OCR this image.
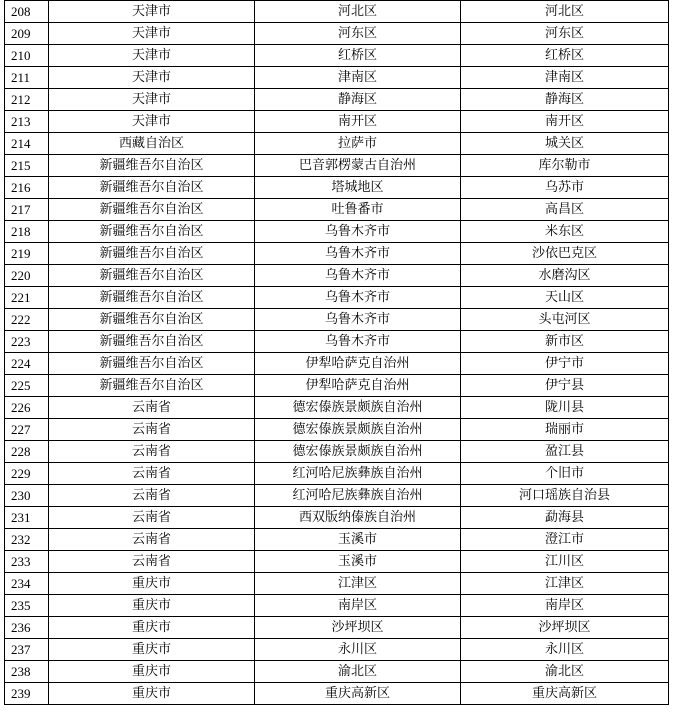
208	天津市	河北区	河北区
209	天津市	河东区	河东区
210	天津市	红桥区	红桥区
211	天津市	津南区	津南区
212	天津市	静海区	静海区
213	天津市	南开区	南开区
214	西藏自治区	拉萨市	城关区
215	新疆维吾尔自治区	巴音郭楞蒙古自治州	库尔勒市
216	新疆维吾尔自治区	塔城地区	乌苏市
217	新疆维吾尔自治区	吐鲁番市	高昌区
218	新疆维吾尔自治区	乌鲁木齐市	米东区
219	新疆维吾尔自治区	乌鲁木齐市	沙依巴克区
220	新疆维吾尔自治区	乌鲁木齐市	水磨沟区
221	新疆维吾尔自治区	乌鲁木齐市	天山区
222	新疆维吾尔自治区	乌鲁木齐市	头屯河区
223	新疆维吾尔自治区	乌鲁木齐市	新市区
224	新疆维吾尔自治区	伊犁哈萨克自治州	伊宁市
225	新疆维吾尔自治区	伊犁哈萨克自治州	伊宁县
226	云南省	德宏傣族景颇族自治州	陇川县
227	云南省	德宏傣族景颇族自治州	瑞丽市
228	云南省	德宏傣族景颇族自治州	盈江县
229	云南省	红河哈尼族彝族自治州	个旧市
230	云南省	红河哈尼族彝族自治州	河口瑶族自治县
231	云南省	西双版纳傣族自治州	勐海县
232	云南省	玉溪市	澄江市
233	云南省	玉溪市	江川区
234	重庆市	江津区	江津区
235	重庆市	南岸区	南岸区
236	重庆市	沙坪坝区	沙坪坝区
237	重庆市	永川区	永川区
238	重庆市	渝北区	渝北区
239	重庆市	重庆高新区	重庆高新区
